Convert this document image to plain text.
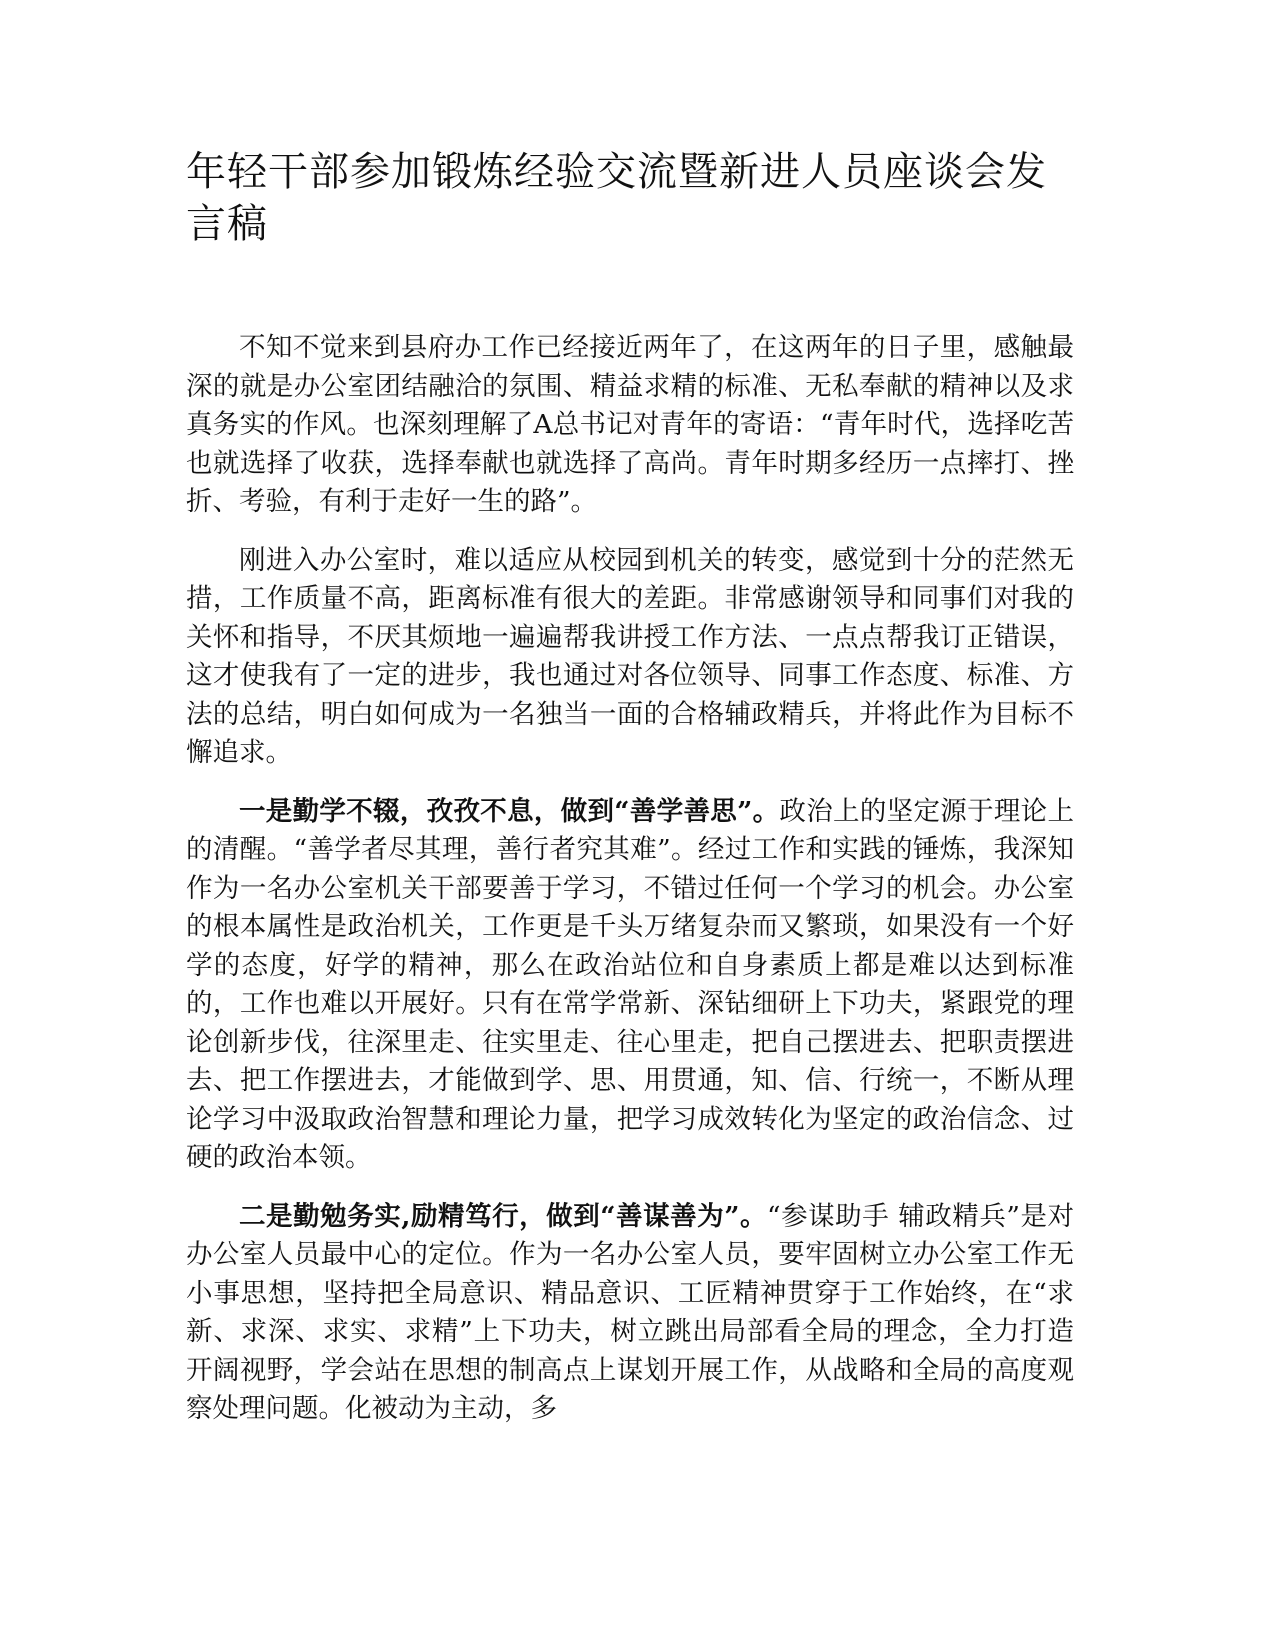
年轻干部参加锻炼经验交流暨新进人员座谈会发言稿

不知不觉来到县府办工作已经接近两年了，在这两年的日子里，感触最深的就是办公室团结融洽的氛围、精益求精的标准、无私奉献的精神以及求真务实的作风。也深刻理解了A总书记对青年的寄语：“青年时代，选择吃苦也就选择了收获，选择奉献也就选择了高尚。青年时期多经历一点摔打、挫折、考验，有利于走好一生的路”。

刚进入办公室时，难以适应从校园到机关的转变，感觉到十分的茫然无措，工作质量不高，距离标准有很大的差距。非常感谢领导和同事们对我的关怀和指导，不厌其烦地一遍遍帮我讲授工作方法、一点点帮我订正错误，这才使我有了一定的进步，我也通过对各位领导、同事工作态度、标准、方法的总结，明白如何成为一名独当一面的合格辅政精兵，并将此作为目标不懈追求。

一是勤学不辍，孜孜不息，做到“善学善思”。政治上的坚定源于理论上的清醒。“善学者尽其理，善行者究其难”。经过工作和实践的锤炼，我深知作为一名办公室机关干部要善于学习，不错过任何一个学习的机会。办公室的根本属性是政治机关，工作更是千头万绪复杂而又繁琐，如果没有一个好学的态度，好学的精神，那么在政治站位和自身素质上都是难以达到标准的，工作也难以开展好。只有在常学常新、深钻细研上下功夫，紧跟党的理论创新步伐，往深里走、往实里走、往心里走，把自己摆进去、把职责摆进去、把工作摆进去，才能做到学、思、用贯通，知、信、行统一，不断从理论学习中汲取政治智慧和理论力量，把学习成效转化为坚定的政治信念、过硬的政治本领。

二是勤勉务实,励精笃行，做到“善谋善为”。“参谋助手 辅政精兵”是对办公室人员最中心的定位。作为一名办公室人员，要牢固树立办公室工作无小事思想，坚持把全局意识、精品意识、工匠精神贯穿于工作始终，在“求新、求深、求实、求精”上下功夫，树立跳出局部看全局的理念，全力打造开阔视野，学会站在思想的制高点上谋划开展工作，从战略和全局的高度观察处理问题。化被动为主动，多
